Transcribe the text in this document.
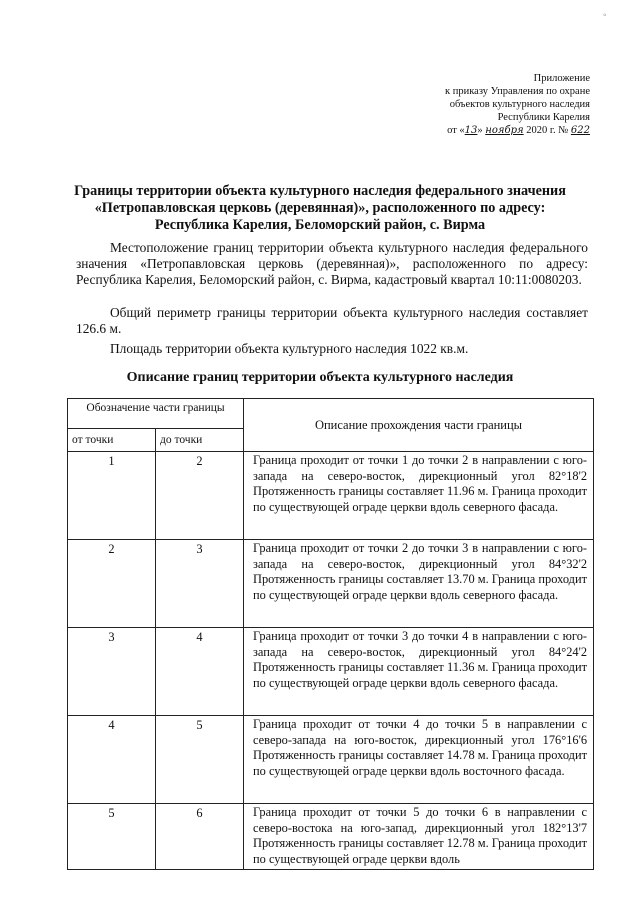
◦
Приложение
к приказу Управления по охране
объектов культурного наследия
Республики Карелия
от «13» ноября 2020 г. № 622
Границы территории объекта культурного наследия федерального значения
«Петропавловская церковь (деревянная)», расположенного по адресу:
Республика Карелия, Беломорский район, с. Вирма
Местоположение границ территории объекта культурного наследия федерального значения «Петропавловская церковь (деревянная)», расположенного по адресу: Республика Карелия, Беломорский район, с. Вирма, кадастровый квартал 10:11:0080203.
Общий периметр границы территории объекта культурного наследия составляет 126.6 м.
Площадь территории объекта культурного наследия 1022 кв.м.
Описание границ территории объекта культурного наследия
Обозначение части границы		Описание прохождения части границы
от точки	до точки	
1	2	Граница проходит от точки 1 до точки 2 в направлении с юго-запада на северо-восток, дирекционный угол 82°18'2 Протяженность границы составляет 11.96 м. Граница проходит по существующей ограде церкви вдоль северного фасада.
2	3	Граница проходит от точки 2 до точки 3 в направлении с юго-запада на северо-восток, дирекционный угол 84°32'2 Протяженность границы составляет 13.70 м. Граница проходит по существующей ограде церкви вдоль северного фасада.
3	4	Граница проходит от точки 3 до точки 4 в направлении с юго-запада на северо-восток, дирекционный угол 84°24'2 Протяженность границы составляет 11.36 м. Граница проходит по существующей ограде церкви вдоль северного фасада.
4	5	Граница проходит от точки 4 до точки 5 в направлении с северо-запада на юго-восток, дирекционный угол 176°16'6 Протяженность границы составляет 14.78 м. Граница проходит по существующей ограде церкви вдоль восточного фасада.
5	6	Граница проходит от точки 5 до точки 6 в направлении с северо-востока на юго-запад, дирекционный угол 182°13'7 Протяженность границы составляет 12.78 м. Граница проходит по существующей ограде церкви вдоль
